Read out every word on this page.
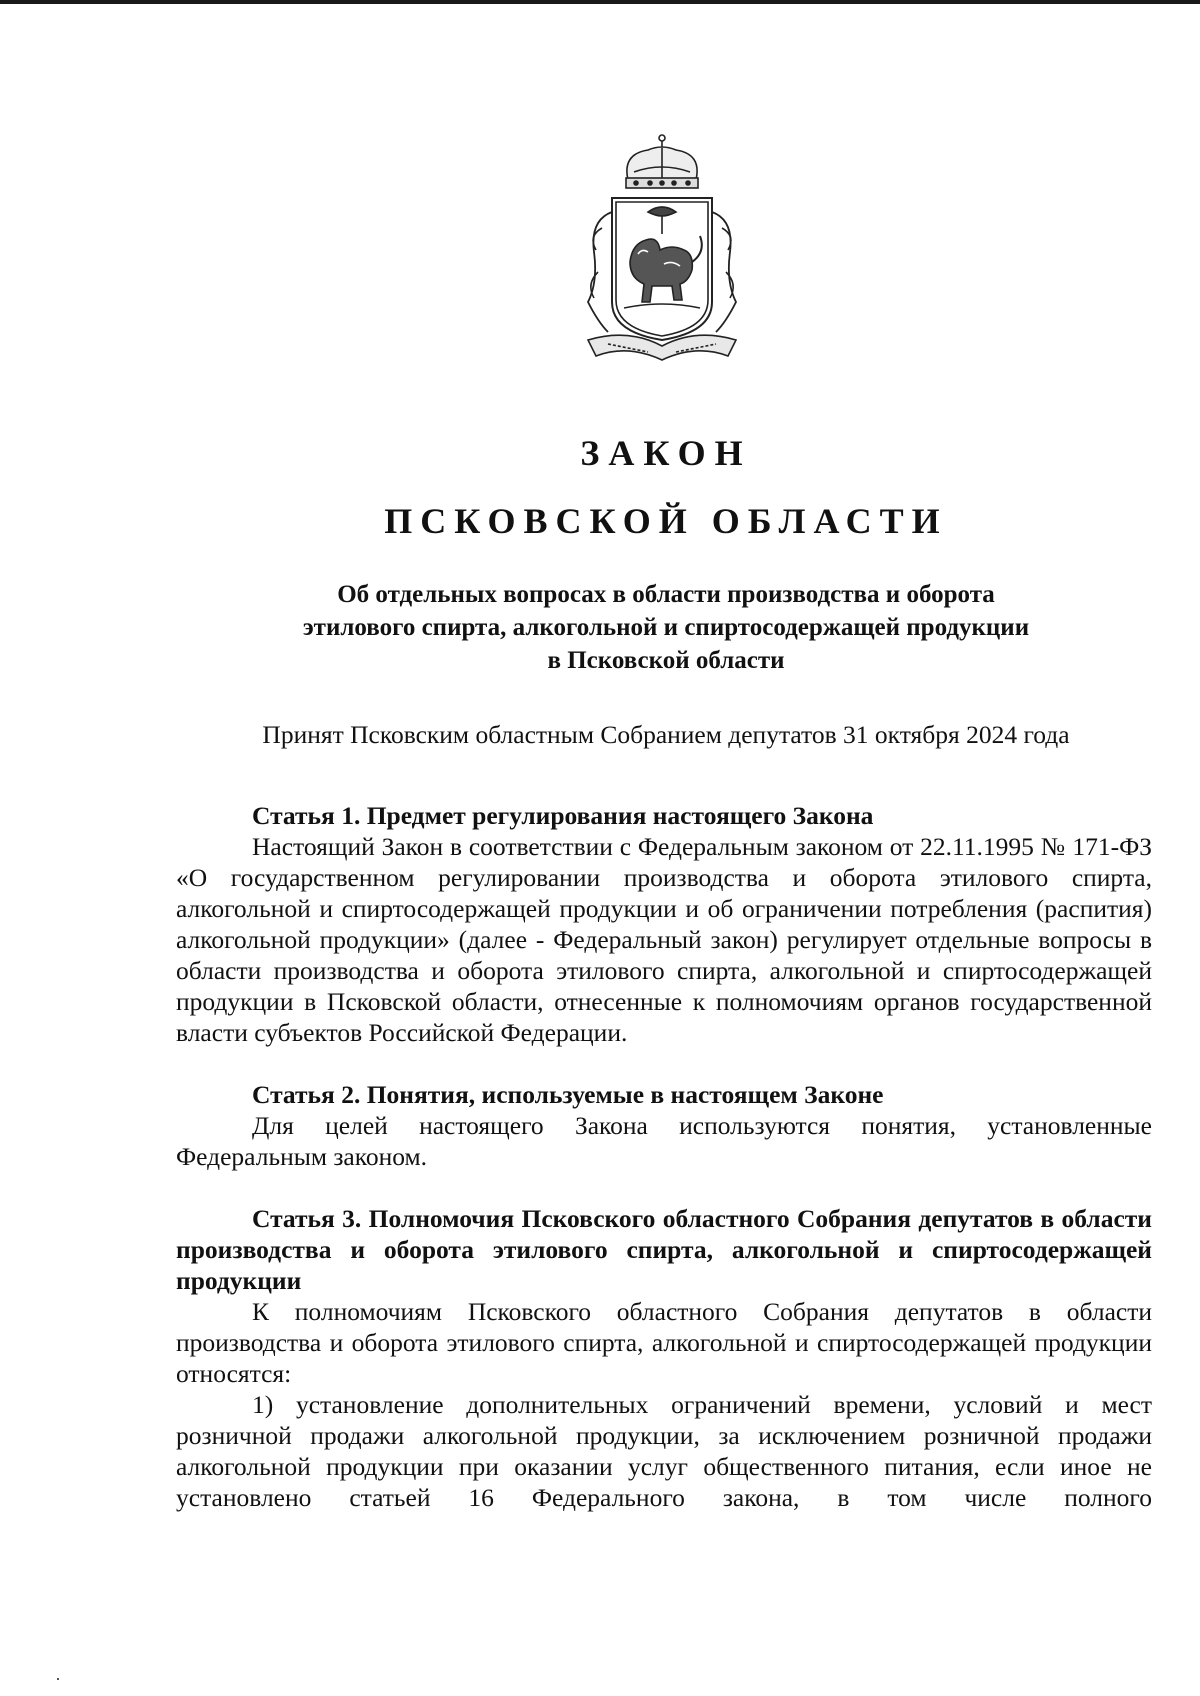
ЗАКОН
ПСКОВСКОЙ ОБЛАСТИ
Об отдельных вопросах в области производства и оборота
этилового спирта, алкогольной и спиртосодержащей продукции
в Псковской области
Принят Псковским областным Собранием депутатов 31 октября 2024 года
Статья 1. Предмет регулирования настоящего Закона

Настоящий Закон в соответствии с Федеральным законом от 22.11.1995 № 171-ФЗ «О государственном регулировании производства и оборота этилового спирта, алкогольной и спиртосодержащей продукции и об ограничении потребления (распития) алкогольной продукции» (далее - Федеральный закон) регулирует отдельные вопросы в области производства и оборота этилового спирта, алкогольной и спиртосодержащей продукции в Псковской области, отнесенные к полномочиям органов государственной власти субъектов Российской Федерации.

Статья 2. Понятия, используемые в настоящем Законе

Для целей настоящего Закона используются понятия, установленные Федеральным законом.

Статья 3. Полномочия Псковского областного Собрания депутатов в области производства и оборота этилового спирта, алкогольной и спиртосодержащей продукции

К полномочиям Псковского областного Собрания депутатов в области производства и оборота этилового спирта, алкогольной и спиртосодержащей продукции относятся:

1) установление дополнительных ограничений времени, условий и мест розничной продажи алкогольной продукции, за исключением розничной продажи алкогольной продукции при оказании услуг общественного питания, если иное не установлено статьей 16 Федерального закона, в том числе полного
